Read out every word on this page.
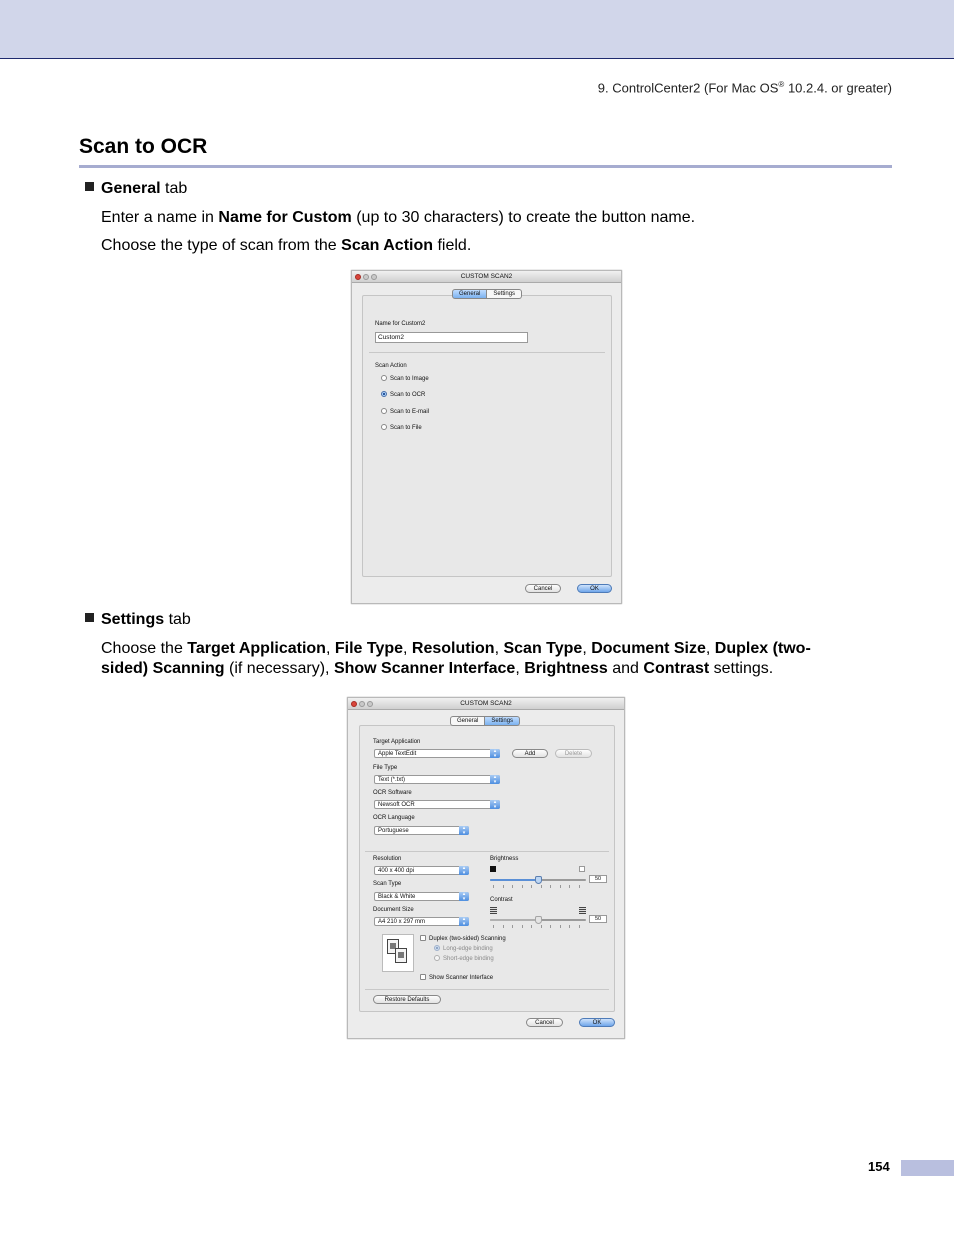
9. ControlCenter2 (For Mac OS® 10.2.4. or greater)
Scan to OCR
General tab
Enter a name in Name for Custom (up to 30 characters) to create the button name.
Choose the type of scan from the Scan Action field.
CUSTOM SCAN2
General	Settings
Name for Custom2
Custom2
Scan Action
Scan to Image
Scan to OCR
Scan to E-mail
Scan to File
Cancel	OK
Settings tab
Choose the Target Application, File Type, Resolution, Scan Type, Document Size, Duplex (two-
sided) Scanning (if necessary), Show Scanner Interface, Brightness and Contrast settings.
CUSTOM SCAN2
General	Settings
Target Application
Apple TextEdit	▴
▾	Add	Delete
File Type
Text (*.txt)	▴
▾
OCR Software
Newsoft OCR	▴
▾
OCR Language
Portuguese	▴
▾
Resolution
400 x 400 dpi	▴
▾
Scan Type
Black & White	▴
▾
Document Size
A4 210 x 297 mm	▴
▾
Brightness
50
Contrast
50
Duplex (two-sided) Scanning
Long-edge binding
Short-edge binding
Show Scanner Interface
Restore Defaults
Cancel	OK
154
